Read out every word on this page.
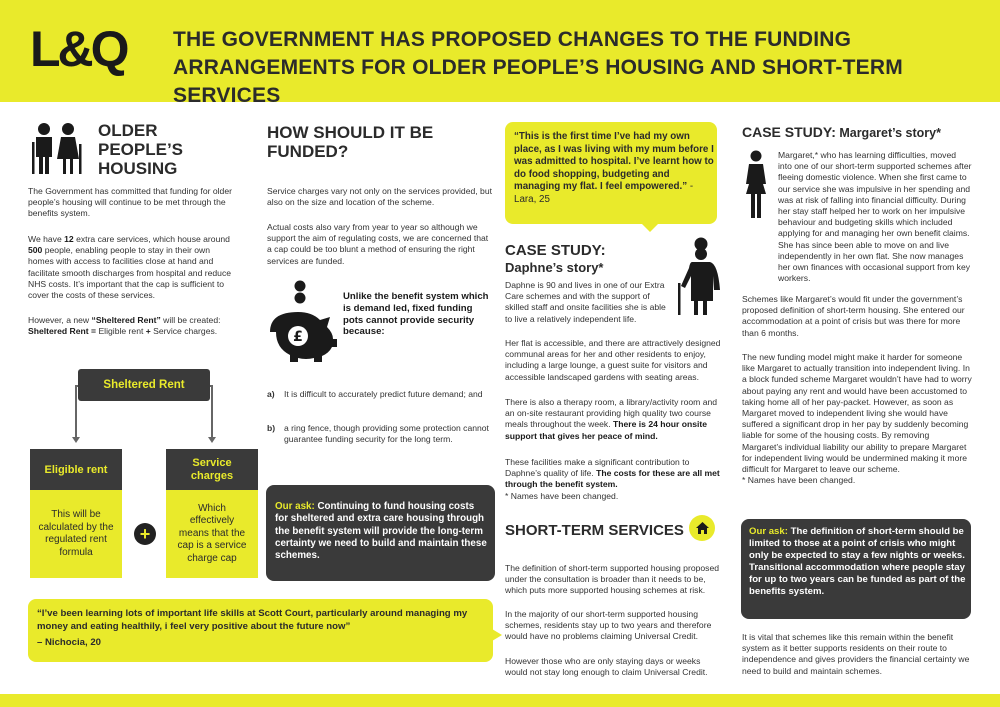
L&Q THE GOVERNMENT HAS PROPOSED CHANGES TO THE FUNDING ARRANGEMENTS FOR OLDER PEOPLE’S HOUSING AND SHORT-TERM SERVICES
OLDER
PEOPLE’S
HOUSING
The Government has committed that funding for older people’s housing will continue to be met through the benefits system.
We have 12 extra care services, which house around 500 people, enabling people to stay in their own homes with access to facilities close at hand and facilitate smooth discharges from hospital and reduce NHS costs. It’s important that the cap is sufficient to cover the costs of these services.
However, a new “Sheltered Rent” will be created:
Sheltered Rent = Eligible rent + Service charges.
Sheltered Rent
Eligible rent
This will be calculated by the regulated rent formula
Service charges
Which effectively means that the cap is a service charge cap
+
“I’ve been learning lots of important life skills at Scott Court, particularly around managing my money and eating healthily, i feel very positive about the future now”
– Nichocia, 20
HOW SHOULD IT BE FUNDED?
Service charges vary not only on the services provided, but also on the size and location of the scheme.
Actual costs also vary from year to year so although we support the aim of regulating costs, we are concerned that a cap could be too blunt a method of ensuring the right services are funded.
£
Unlike the benefit system which is demand led, fixed funding pots cannot provide security because:
a)	It is difficult to accurately predict future demand; and
b)	a ring fence, though providing some protection cannot guarantee funding security for the long term.
Our ask: Continuing to fund housing costs for sheltered and extra care housing through the benefit system will provide the long-term certainty we need to build and maintain these schemes.
“This is the first time I’ve had my own place, as I was living with my mum before I was admitted to hospital. I’ve learnt how to do food shopping, budgeting and managing my flat. I feel empowered.” - Lara, 25
CASE STUDY:
Daphne’s story*
Daphne is 90 and lives in one of our Extra Care schemes and with the support of skilled staff and onsite facilities she is able to live a relatively independent life.
Her flat is accessible, and there are attractively designed communal areas for her and other residents to enjoy, including a large lounge, a guest suite for visitors and accessible landscaped gardens with seating areas.
There is also a therapy room, a library/activity room and an on-site restaurant providing high quality two course meals throughout the week. There is 24 hour onsite support that gives her peace of mind.
These facilities make a significant contribution to Daphne’s quality of life. The costs for these are all met through the benefit system.
* Names have been changed.
SHORT-TERM SERVICES
The definition of short-term supported housing proposed under the consultation is broader than it needs to be, which puts more supported housing schemes at risk.
In the majority of our short-term supported housing schemes, residents stay up to two years and therefore would have no problems claiming Universal Credit.
However those who are only staying days or weeks would not stay long enough to claim Universal Credit.
CASE STUDY: Margaret’s story*
Margaret,* who has learning difficulties, moved into one of our short-term supported schemes after fleeing domestic violence. When she first came to our service she was impulsive in her spending and was at risk of falling into financial difficulty. During her stay staff helped her to work on her impulsive behaviour and budgeting skills which included applying for and managing her own benefit claims. She has since been able to move on and live independently in her own flat. She now manages her own finances with occasional support from key workers.
Schemes like Margaret’s would fit under the government’s proposed definition of short-term housing. She entered our accommodation at a point of crisis but was there for more than 6 months.
The new funding model might make it harder for someone like Margaret to actually transition into independent living. In a block funded scheme Margaret wouldn’t have had to worry about paying any rent and would have been accustomed to taking home all of her pay-packet. However, as soon as Margaret moved to independent living she would have suffered a significant drop in her pay by suddenly becoming liable for some of the housing costs. By removing Margaret’s individual liability our ability to prepare Margaret for independent living would be undermined making it more difficult for Margaret to leave our scheme.
* Names have been changed.
Our ask: The definition of short-term should be limited to those at a point of crisis who might only be expected to stay a few nights or weeks. Transitional accommodation where people stay for up to two years can be funded as part of the benefits system.
It is vital that schemes like this remain within the benefit system as it better supports residents on their route to independence and gives providers the financial certainty we need to build and maintain schemes.
